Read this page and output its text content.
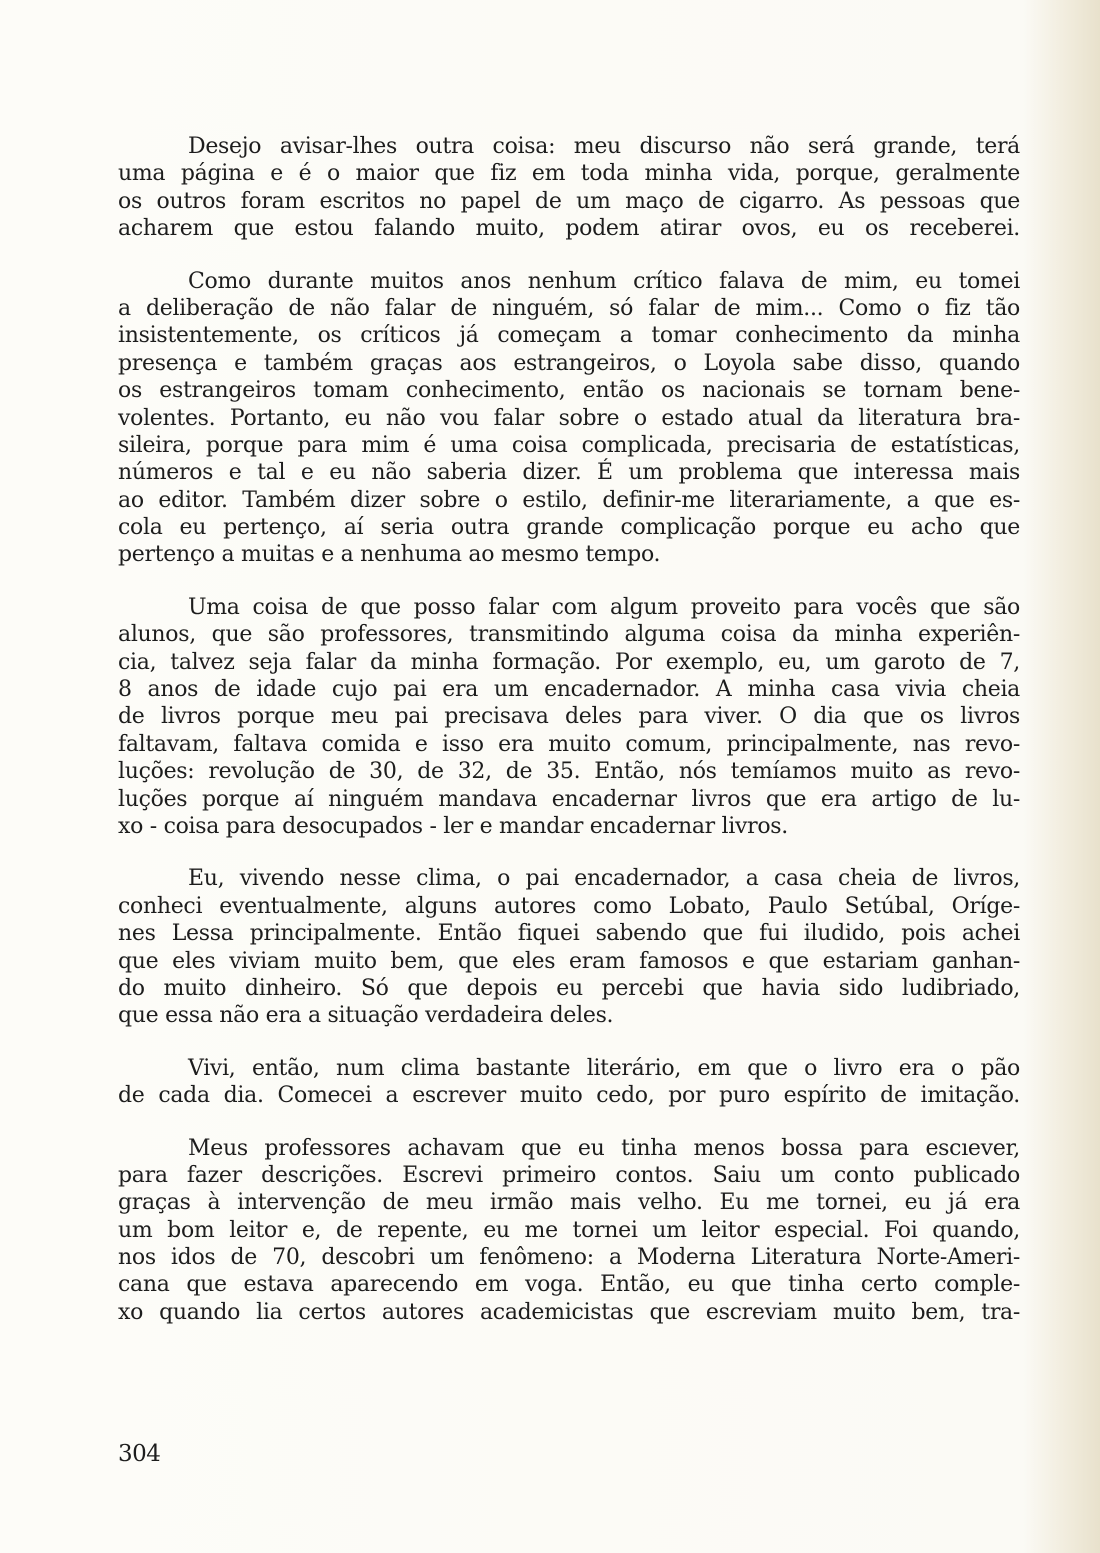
Desejo avisar-lhes outra coisa: meu discurso não será grande, terá
uma página e é o maior que fiz em toda minha vida, porque, geralmente
os outros foram escritos no papel de um maço de cigarro. As pessoas que
acharem que estou falando muito, podem atirar ovos, eu os receberei.
Como durante muitos anos nenhum crítico falava de mim, eu tomei
a deliberação de não falar de ninguém, só falar de mim... Como o fiz tão
insistentemente, os críticos já começam a tomar conhecimento da minha
presença e também graças aos estrangeiros, o Loyola sabe disso, quando
os estrangeiros tomam conhecimento, então os nacionais se tornam bene-
volentes. Portanto, eu não vou falar sobre o estado atual da literatura bra-
sileira, porque para mim é uma coisa complicada, precisaria de estatísticas,
números e tal e eu não saberia dizer. É um problema que interessa mais
ao editor. Também dizer sobre o estilo, definir-me literariamente, a que es-
cola eu pertenço, aí seria outra grande complicação porque eu acho que
pertenço a muitas e a nenhuma ao mesmo tempo.
Uma coisa de que posso falar com algum proveito para vocês que são
alunos, que são professores, transmitindo alguma coisa da minha experiên-
cia, talvez seja falar da minha formação. Por exemplo, eu, um garoto de 7,
8 anos de idade cujo pai era um encadernador. A minha casa vivia cheia
de livros porque meu pai precisava deles para viver. O dia que os livros
faltavam, faltava comida e isso era muito comum, principalmente, nas revo-
luções: revolução de 30, de 32, de 35. Então, nós temíamos muito as revo-
luções porque aí ninguém mandava encadernar livros que era artigo de lu-
xo - coisa para desocupados - ler e mandar encadernar livros.
Eu, vivendo nesse clima, o pai encadernador, a casa cheia de livros,
conheci eventualmente, alguns autores como Lobato, Paulo Setúbal, Oríge-
nes Lessa principalmente. Então fiquei sabendo que fui iludido, pois achei
que eles viviam muito bem, que eles eram famosos e que estariam ganhan-
do muito dinheiro. Só que depois eu percebi que havia sido ludibriado,
que essa não era a situação verdadeira deles.
Vivi, então, num clima bastante literário, em que o livro era o pão
de cada dia. Comecei a escrever muito cedo, por puro espírito de imitação.
Meus professores achavam que eu tinha menos bossa para escıever,
para fazer descrições. Escrevi primeiro contos. Saiu um conto publicado
graças à intervenção de meu irmão mais velho. Eu me tornei, eu já era
um bom leitor e, de repente, eu me tornei um leitor especial. Foi quando,
nos idos de 70, descobri um fenômeno: a Moderna Literatura Norte-Ameri-
cana que estava aparecendo em voga. Então, eu que tinha certo comple-
xo quando lia certos autores academicistas que escreviam muito bem, tra-
304
